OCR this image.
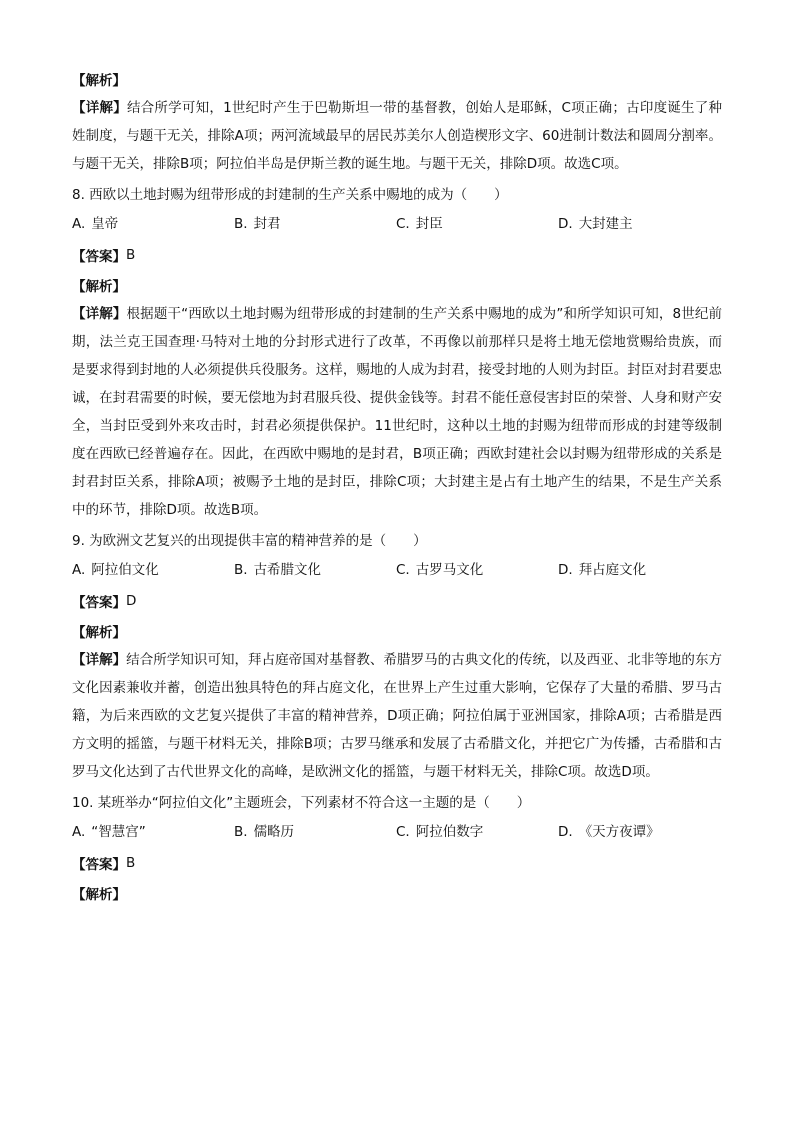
【解析】

【详解】结合所学可知，1世纪时产生于巴勒斯坦一带的基督教，创始人是耶稣，C项正确；古印度诞生了种姓制度，与题干无关，排除A项；两河流域最早的居民苏美尔人创造楔形文字、60进制计数法和圆周分割率。与题干无关，排除B项；阿拉伯半岛是伊斯兰教的诞生地。与题干无关，排除D项。故选C项。

8. 西欧以土地封赐为纽带形成的封建制的生产关系中赐地的成为（　　）
A. 皇帝	B. 封君	C. 封臣	D. 大封建主
【答案】 B
【解析】

【详解】根据题干“西欧以土地封赐为纽带形成的封建制的生产关系中赐地的成为”和所学知识可知，8世纪前期，法兰克王国查理·马特对土地的分封形式进行了改革，不再像以前那样只是将土地无偿地赏赐给贵族，而是要求得到封地的人必须提供兵役服务。这样，赐地的人成为封君，接受封地的人则为封臣。封臣对封君要忠诚，在封君需要的时候，要无偿地为封君服兵役、提供金钱等。封君不能任意侵害封臣的荣誉、人身和财产安全，当封臣受到外来攻击时，封君必须提供保护。11世纪时，这种以土地的封赐为纽带而形成的封建等级制度在西欧已经普遍存在。因此，在西欧中赐地的是封君，B项正确；西欧封建社会以封赐为纽带形成的关系是封君封臣关系，排除A项；被赐予土地的是封臣，排除C项；大封建主是占有土地产生的结果，不是生产关系中的环节，排除D项。故选B项。

9. 为欧洲文艺复兴的出现提供丰富的精神营养的是（　　）
A. 阿拉伯文化	B. 古希腊文化	C. 古罗马文化	D. 拜占庭文化
【答案】 D
【解析】

【详解】结合所学知识可知，拜占庭帝国对基督教、希腊罗马的古典文化的传统，以及西亚、北非等地的东方文化因素兼收并蓄，创造出独具特色的拜占庭文化，在世界上产生过重大影响，它保存了大量的希腊、罗马古籍，为后来西欧的文艺复兴提供了丰富的精神营养，D项正确；阿拉伯属于亚洲国家，排除A项；古希腊是西方文明的摇篮，与题干材料无关，排除B项；古罗马继承和发展了古希腊文化，并把它广为传播，古希腊和古罗马文化达到了古代世界文化的高峰，是欧洲文化的摇篮，与题干材料无关，排除C项。故选D项。

10. 某班举办“阿拉伯文化”主题班会，下列素材不符合这一主题的是（　　）
A. “智慧宫”	B. 儒略历	C. 阿拉伯数字	D. 《天方夜谭》
【答案】 B
【解析】
